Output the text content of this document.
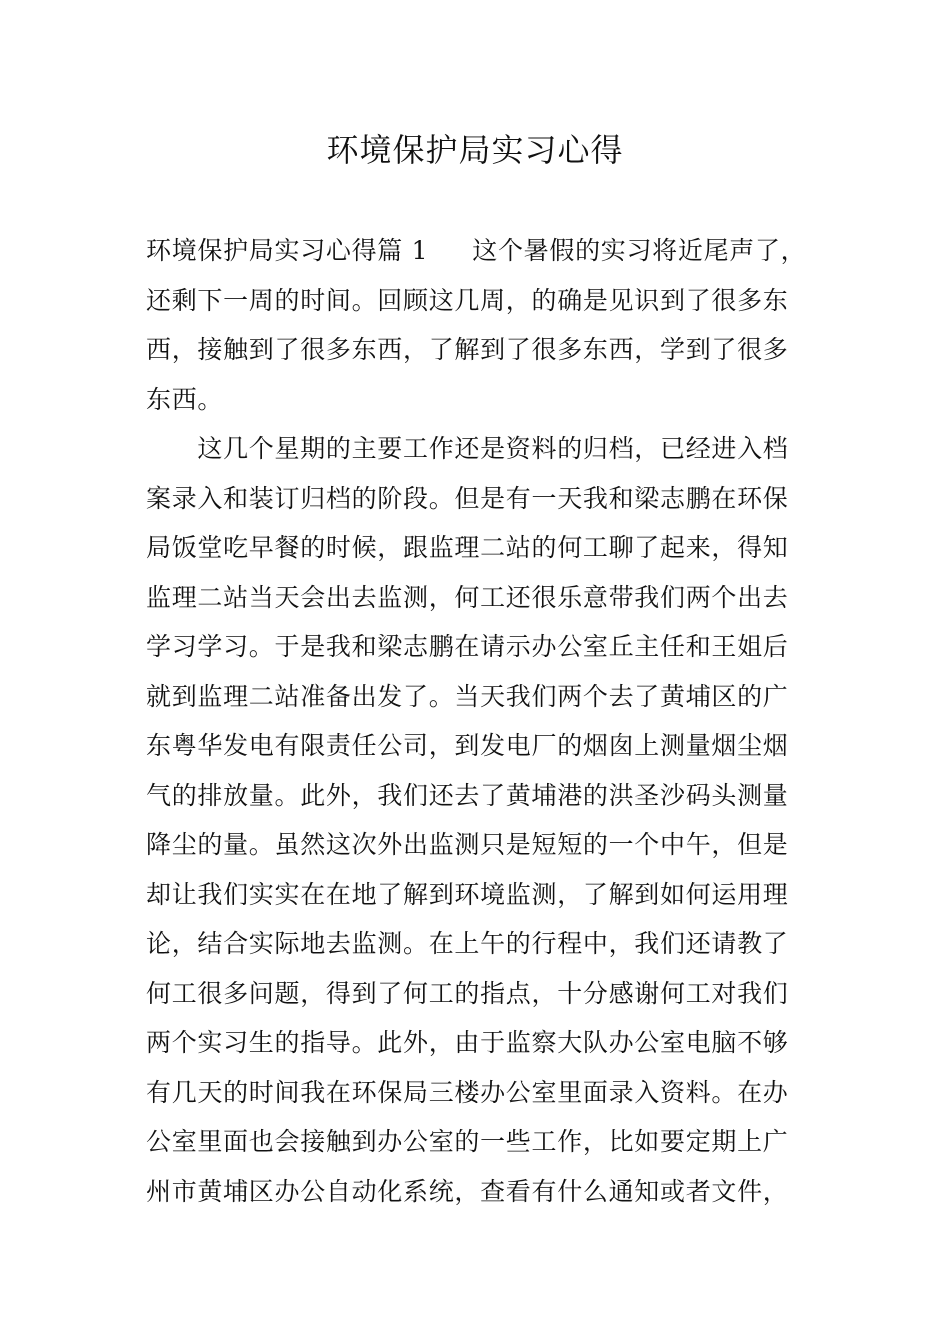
环境保护局实习心得
环境保护局实习心得篇 1 这个暑假的实习将近尾声了，
还剩下一周的时间。回顾这几周，的确是见识到了很多东
西，接触到了很多东西，了解到了很多东西，学到了很多
东西。
　　这几个星期的主要工作还是资料的归档，已经进入档
案录入和装订归档的阶段。但是有一天我和梁志鹏在环保
局饭堂吃早餐的时候，跟监理二站的何工聊了起来，得知
监理二站当天会出去监测，何工还很乐意带我们两个出去
学习学习。于是我和梁志鹏在请示办公室丘主任和王姐后
就到监理二站准备出发了。当天我们两个去了黄埔区的广
东粤华发电有限责任公司，到发电厂的烟囱上测量烟尘烟
气的排放量。此外，我们还去了黄埔港的洪圣沙码头测量
降尘的量。虽然这次外出监测只是短短的一个中午，但是
却让我们实实在在地了解到环境监测，了解到如何运用理
论，结合实际地去监测。在上午的行程中，我们还请教了
何工很多问题，得到了何工的指点，十分感谢何工对我们
两个实习生的指导。此外，由于监察大队办公室电脑不够
有几天的时间我在环保局三楼办公室里面录入资料。在办
公室里面也会接触到办公室的一些工作，比如要定期上广
州市黄埔区办公自动化系统，查看有什么通知或者文件，
